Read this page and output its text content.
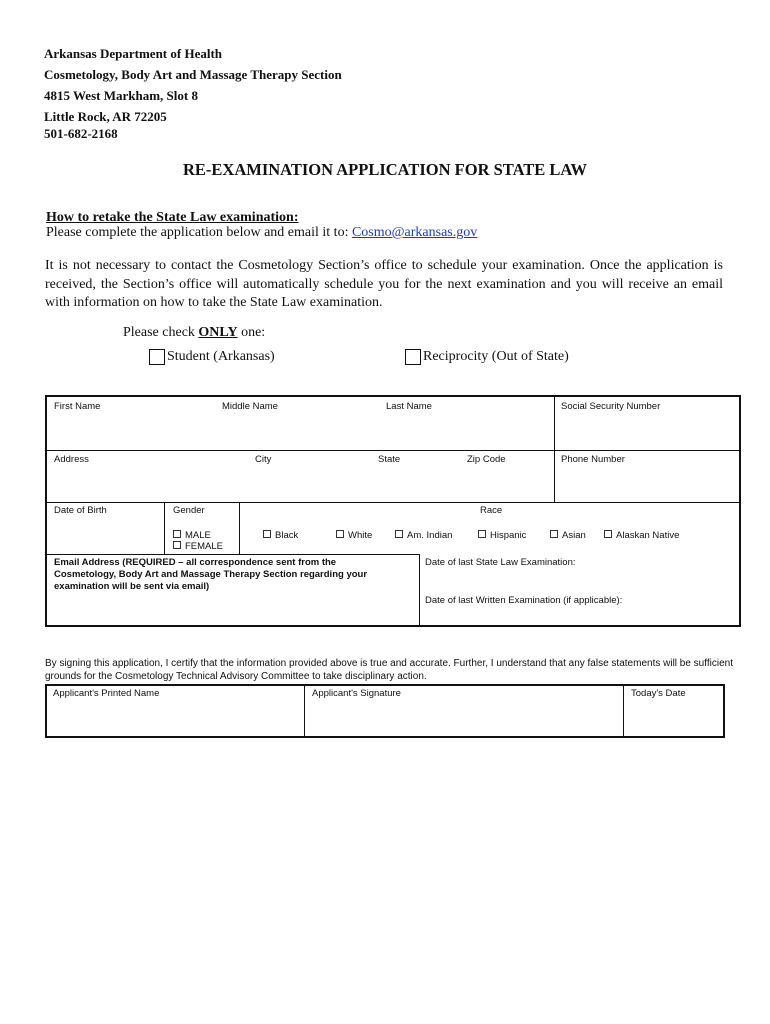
Arkansas Department of Health
Cosmetology, Body Art and Massage Therapy Section
4815 West Markham, Slot 8
Little Rock, AR 72205
501-682-2168
RE-EXAMINATION APPLICATION FOR STATE LAW
How to retake the State Law examination:
Please complete the application below and email it to: Cosmo@arkansas.gov
It is not necessary to contact the Cosmetology Section’s office to schedule your examination. Once the application is received, the Section’s office will automatically schedule you for the next examination and you will receive an email with information on how to take the State Law examination.
Please check ONLY one:
Student (Arkansas)	Reciprocity (Out of State)
First Name	Middle Name	Last Name	Social Security Number
Address	City	State	Zip Code	Phone Number
Date of Birth	Gender
MALE
FEMALE
Race
Black	White	Am. Indian	Hispanic	Asian	Alaskan Native
Email Address (REQUIRED – all correspondence sent from the Cosmetology, Body Art and Massage Therapy Section regarding your examination will be sent via email)
Date of last State Law Examination:
Date of last Written Examination (if applicable):
By signing this application, I certify that the information provided above is true and accurate. Further, I understand that any false statements will be sufficient grounds for the Cosmetology Technical Advisory Committee to take disciplinary action.
Applicant's Printed Name	Applicant's Signature	Today's Date
